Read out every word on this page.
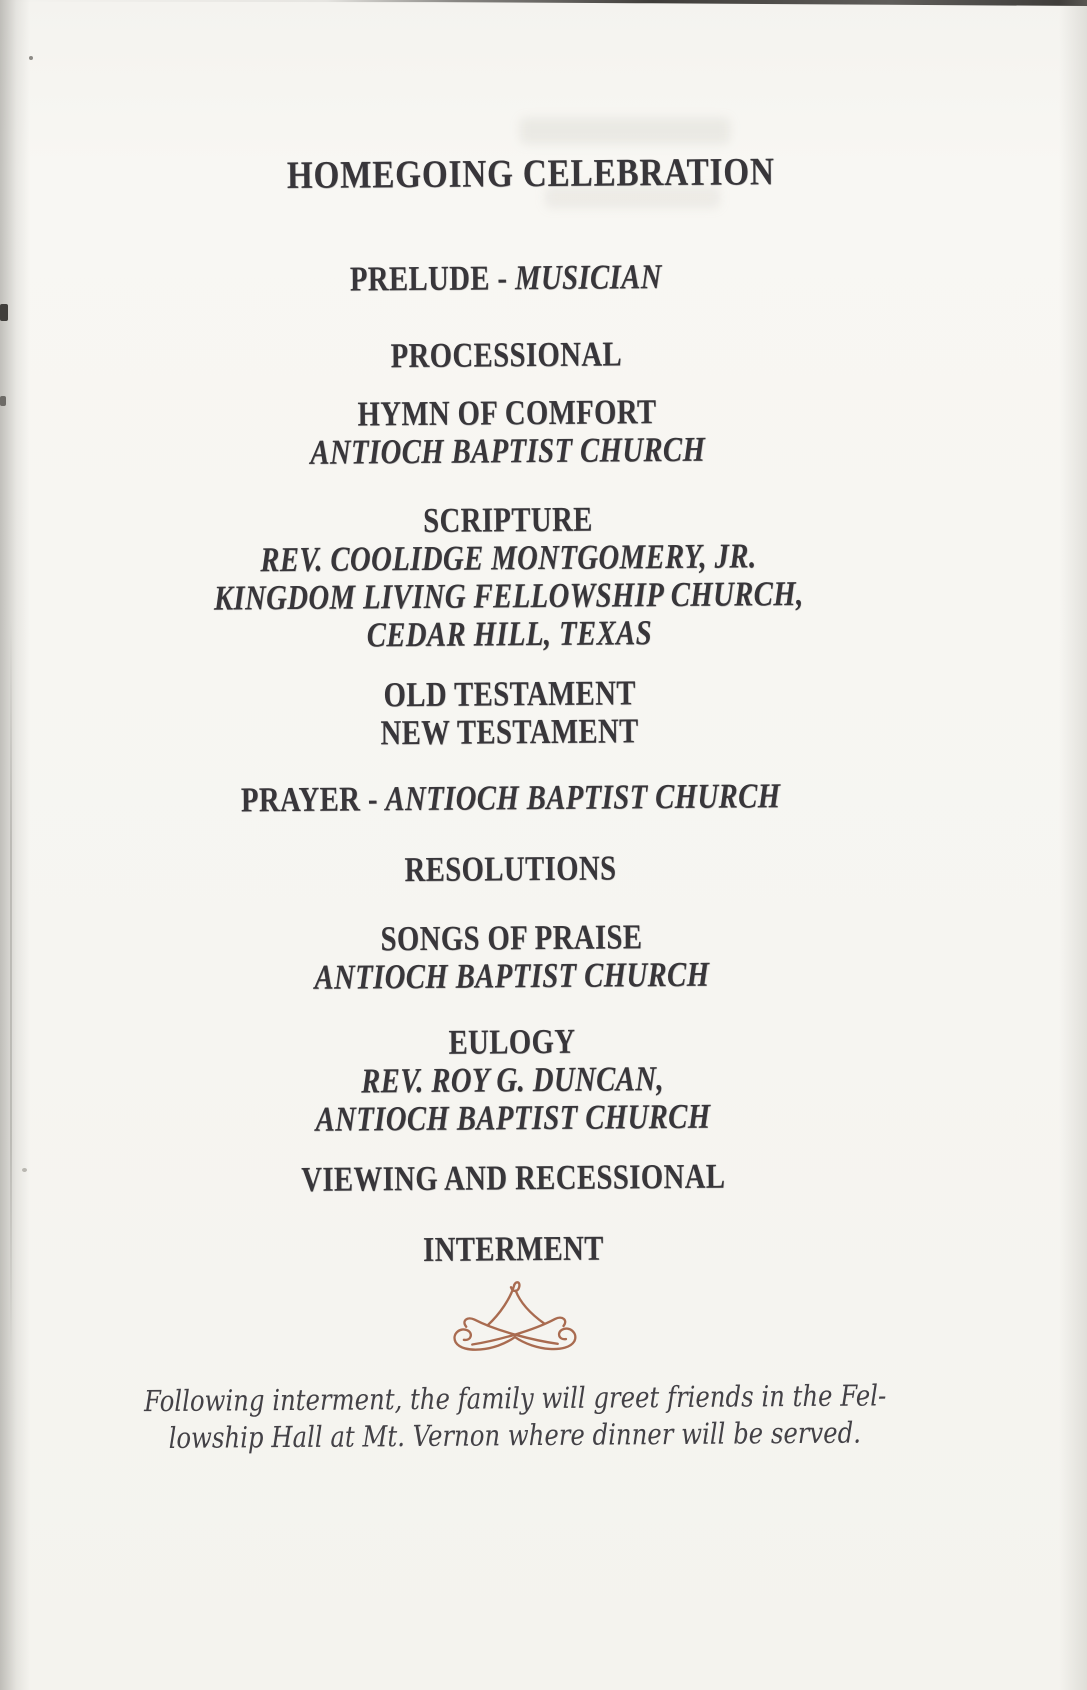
HOMEGOING CELEBRATION
PRELUDE - MUSICIAN
PROCESSIONAL
HYMN OF COMFORT
ANTIOCH BAPTIST CHURCH
SCRIPTURE
REV. COOLIDGE MONTGOMERY, JR.
KINGDOM LIVING FELLOWSHIP CHURCH,
CEDAR HILL, TEXAS
OLD TESTAMENT
NEW TESTAMENT
PRAYER - ANTIOCH BAPTIST CHURCH
RESOLUTIONS
SONGS OF PRAISE
ANTIOCH BAPTIST CHURCH
EULOGY
REV. ROY G. DUNCAN,
ANTIOCH BAPTIST CHURCH
VIEWING AND RECESSIONAL
INTERMENT

Following interment, the family will greet friends in the Fel-
lowship Hall at Mt. Vernon where dinner will be served.
